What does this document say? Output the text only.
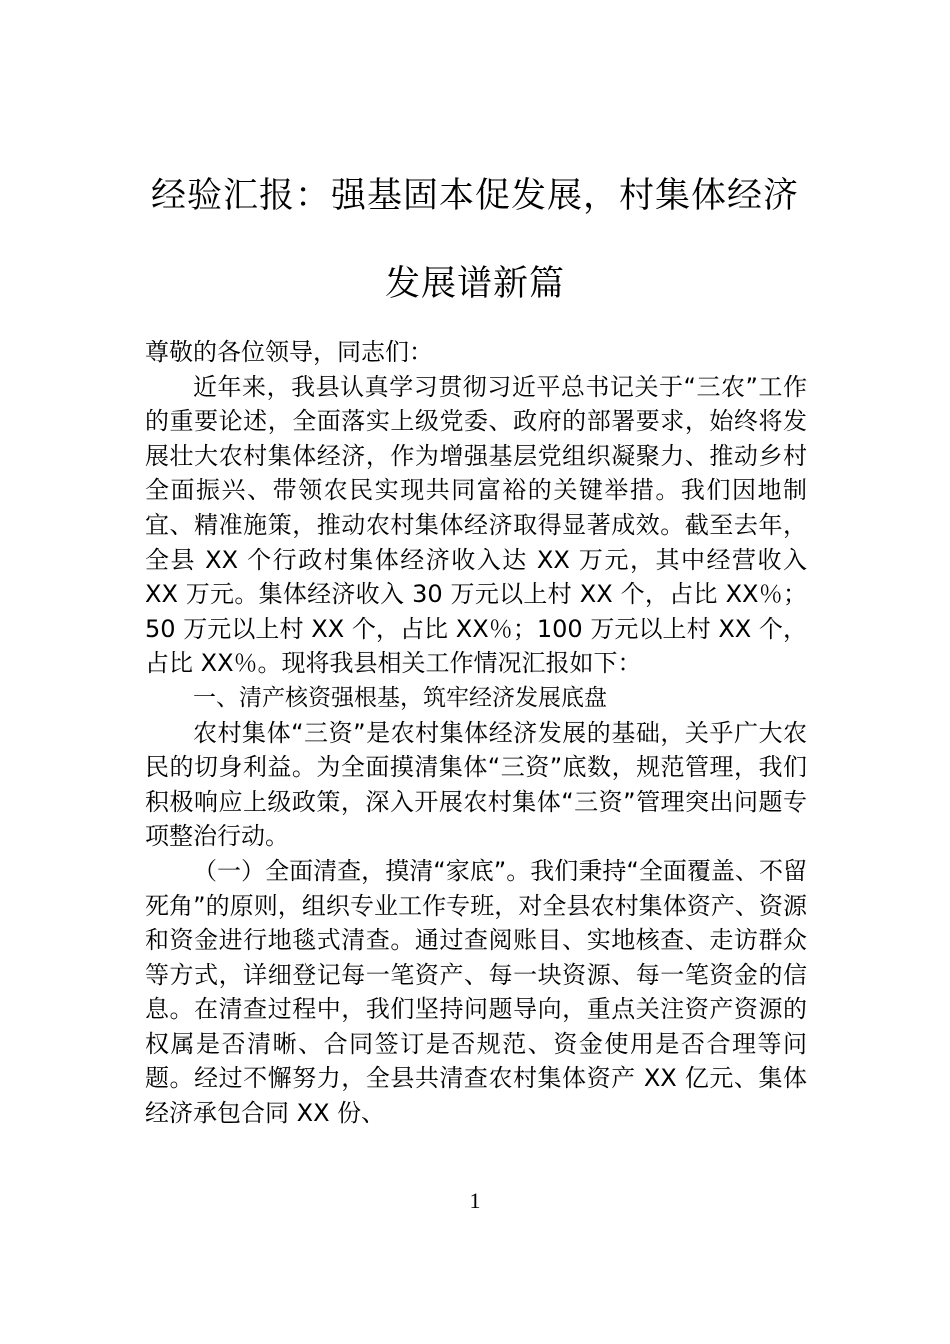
经验汇报：强基固本促发展，村集体经济
发展谱新篇

尊敬的各位领导，同志们：

近年来，我县认真学习贯彻习近平总书记关于“三农”工作的重要论述，全面落实上级党委、政府的部署要求，始终将发展壮大农村集体经济，作为增强基层党组织凝聚力、推动乡村全面振兴、带领农民实现共同富裕的关键举措。我们因地制宜、精准施策，推动农村集体经济取得显著成效。截至去年，全县 XX 个行政村集体经济收入达 XX 万元，其中经营收入 XX 万元。集体经济收入 30 万元以上村 XX 个，占比 XX％；50 万元以上村 XX 个，占比 XX％；100 万元以上村 XX 个，占比 XX％。现将我县相关工作情况汇报如下：

一、清产核资强根基，筑牢经济发展底盘

农村集体“三资”是农村集体经济发展的基础，关乎广大农民的切身利益。为全面摸清集体“三资”底数，规范管理，我们积极响应上级政策，深入开展农村集体“三资”管理突出问题专项整治行动。

（一）全面清查，摸清“家底”。我们秉持“全面覆盖、不留死角”的原则，组织专业工作专班，对全县农村集体资产、资源和资金进行地毯式清查。通过查阅账目、实地核查、走访群众等方式，详细登记每一笔资产、每一块资源、每一笔资金的信息。在清查过程中，我们坚持问题导向，重点关注资产资源的权属是否清晰、合同签订是否规范、资金使用是否合理等问题。经过不懈努力，全县共清查农村集体资产 XX 亿元、集体经济承包合同 XX 份、

1
